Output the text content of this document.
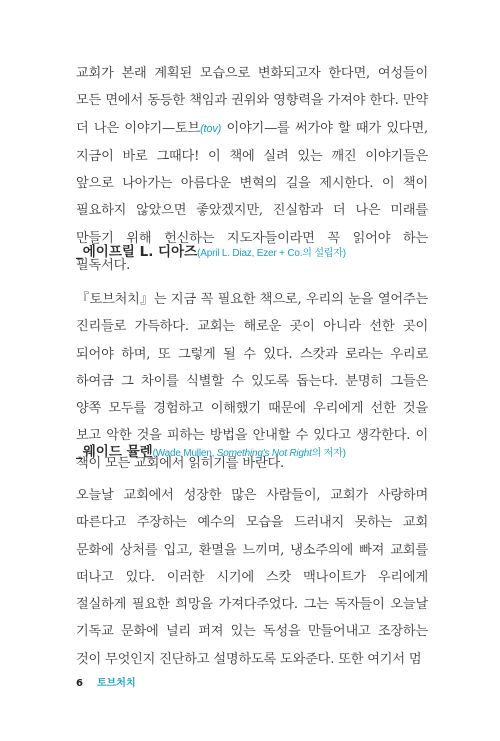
교회가 본래 계획된 모습으로 변화되고자 한다면, 여성들이 모든 면에서 동등한 책임과 권위와 영향력을 가져야 한다. 만약 더 나은 이야기—토브(tov) 이야기—를 써가야 할 때가 있다면, 지금이 바로 그때다! 이 책에 실려 있는 깨진 이야기들은 앞으로 나아가는 아름다운 변혁의 길을 제시한다. 이 책이 필요하지 않았으면 좋았겠지만, 진실함과 더 나은 미래를 만들기 위해 헌신하는 지도자들이라면 꼭 읽어야 하는 필독서다.

_에이프릴 L. 디아즈(April L. Diaz, Ezer + Co.의 설립자)

『토브처치』는 지금 꼭 필요한 책으로, 우리의 눈을 열어주는 진리들로 가득하다. 교회는 해로운 곳이 아니라 선한 곳이 되어야 하며, 또 그렇게 될 수 있다. 스캇과 로라는 우리로 하여금 그 차이를 식별할 수 있도록 돕는다. 분명히 그들은 양쪽 모두를 경험하고 이해했기 때문에 우리에게 선한 것을 보고 악한 것을 피하는 방법을 안내할 수 있다고 생각한다. 이 책이 모든 교회에서 읽히기를 바란다.

_웨이드 뮬렌(Wade Mullen, Something's Not Right의 저자)

오늘날 교회에서 성장한 많은 사람들이, 교회가 사랑하며 따른다고 주장하는 예수의 모습을 드러내지 못하는 교회 문화에 상처를 입고, 환멸을 느끼며, 냉소주의에 빠져 교회를 떠나고 있다. 이러한 시기에 스캇 맥나이트가 우리에게 절실하게 필요한 희망을 가져다주었다. 그는 독자들이 오늘날 기독교 문화에 널리 퍼져 있는 독성을 만들어내고 조장하는 것이 무엇인지 진단하고 설명하도록 도와준다. 또한 여기서 멈

6 토브처치
